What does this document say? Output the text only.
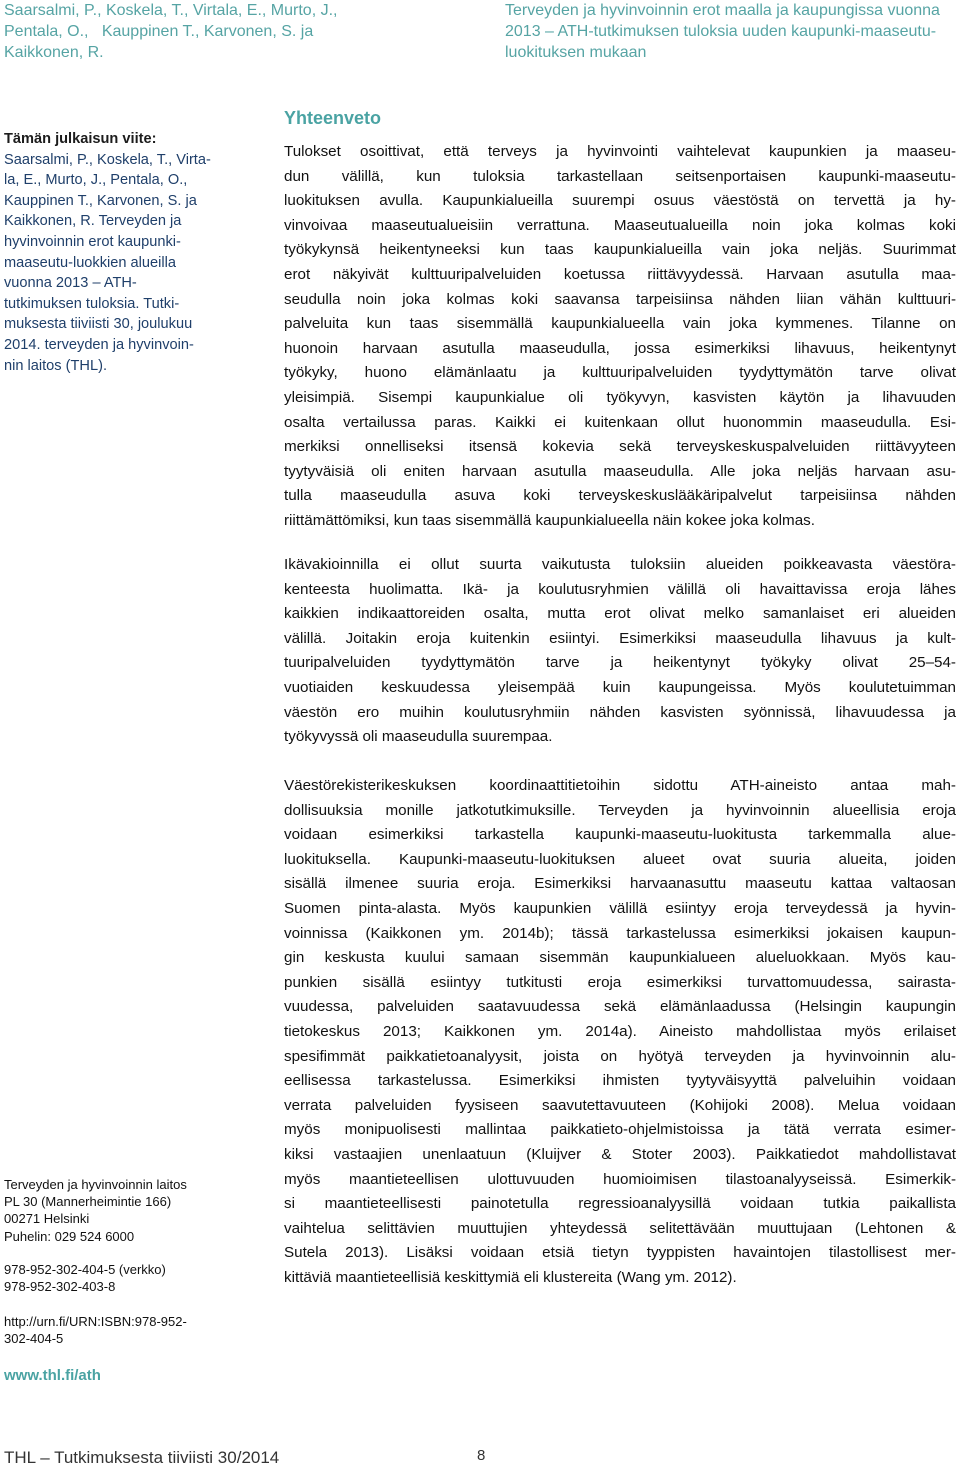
Saarsalmi, P., Koskela, T., Virtala, E., Murto, J.,
Pentala, O.,   Kauppinen T., Karvonen, S. ja
Kaikkonen, R.
Terveyden ja hyvinvoinnin erot maalla ja kaupungissa vuonna
2013 – ATH-tutkimuksen tuloksia uuden kaupunki-maaseutu-
luokituksen mukaan
Tämän julkaisun viite:
Saarsalmi, P., Koskela, T., Virta-
la, E., Murto, J., Pentala, O.,
Kauppinen T., Karvonen, S. ja
Kaikkonen, R. Terveyden ja
hyvinvoinnin erot kaupunki-
maaseutu-luokkien alueilla
vuonna 2013 – ATH-
tutkimuksen tuloksia. Tutki-
muksesta tiiviisti 30, joulukuu
2014. terveyden ja hyvinvoin-
nin laitos (THL).
Terveyden ja hyvinvoinnin laitos
PL 30 (Mannerheimintie 166)
00271 Helsinki
Puhelin: 029 524 6000
978-952-302-404-5 (verkko)
978-952-302-403-8
http://urn.fi/URN:ISBN:978-952-
302-404-5
www.thl.fi/ath
Yhteenveto
Tulokset osoittivat, että terveys ja hyvinvointi vaihtelevat kaupunkien ja maaseu-
dun välillä, kun tuloksia tarkastellaan seitsenportaisen kaupunki-maaseutu-
luokituksen avulla. Kaupunkialueilla suurempi osuus väestöstä on tervettä ja hy-
vinvoivaa maaseutualueisiin verrattuna. Maaseutualueilla noin joka kolmas koki
työkykynsä heikentyneeksi kun taas kaupunkialueilla vain joka neljäs. Suurimmat
erot näkyivät kulttuuripalveluiden koetussa riittävyydessä. Harvaan asutulla maa-
seudulla noin joka kolmas koki saavansa tarpeisiinsa nähden liian vähän kulttuuri-
palveluita kun taas sisemmällä kaupunkialueella vain joka kymmenes. Tilanne on
huonoin harvaan asutulla maaseudulla, jossa esimerkiksi lihavuus, heikentynyt
työkyky, huono elämänlaatu ja kulttuuripalveluiden tyydyttymätön tarve olivat
yleisimpiä. Sisempi kaupunkialue oli työkyvyn, kasvisten käytön ja lihavuuden
osalta vertailussa paras. Kaikki ei kuitenkaan ollut huonommin maaseudulla. Esi-
merkiksi onnelliseksi itsensä kokevia sekä terveyskeskuspalveluiden riittävyyteen
tyytyväisiä oli eniten harvaan asutulla maaseudulla. Alle joka neljäs harvaan asu-
tulla maaseudulla asuva koki terveyskeskuslääkäripalvelut tarpeisiinsa nähden
riittämättömiksi, kun taas sisemmällä kaupunkialueella näin kokee joka kolmas.
Ikävakioinnilla ei ollut suurta vaikutusta tuloksiin alueiden poikkeavasta väestöra-
kenteesta huolimatta. Ikä- ja koulutusryhmien välillä oli havaittavissa eroja lähes
kaikkien indikaattoreiden osalta, mutta erot olivat melko samanlaiset eri alueiden
välillä. Joitakin eroja kuitenkin esiintyi. Esimerkiksi maaseudulla lihavuus ja kult-
tuuripalveluiden tyydyttymätön tarve ja heikentynyt työkyky olivat 25–54-
vuotiaiden keskuudessa yleisempää kuin kaupungeissa. Myös koulutetuimman
väestön ero muihin koulutusryhmiin nähden kasvisten syönnissä, lihavuudessa ja
työkyvyssä oli maaseudulla suurempaa.
Väestörekisterikeskuksen koordinaattitietoihin sidottu ATH-aineisto antaa mah-
dollisuuksia monille jatkotutkimuksille. Terveyden ja hyvinvoinnin alueellisia eroja
voidaan esimerkiksi tarkastella kaupunki-maaseutu-luokitusta tarkemmalla alue-
luokituksella. Kaupunki-maaseutu-luokituksen alueet ovat suuria alueita, joiden
sisällä ilmenee suuria eroja. Esimerkiksi harvaanasuttu maaseutu kattaa valtaosan
Suomen pinta-alasta. Myös kaupunkien välillä esiintyy eroja terveydessä ja hyvin-
voinnissa (Kaikkonen ym. 2014b); tässä tarkastelussa esimerkiksi jokaisen kaupun-
gin keskusta kuului samaan sisemmän kaupunkialueen alueluokkaan. Myös kau-
punkien sisällä esiintyy tutkitusti eroja esimerkiksi turvattomuudessa, sairasta-
vuudessa, palveluiden saatavuudessa sekä elämänlaadussa (Helsingin kaupungin
tietokeskus 2013; Kaikkonen ym. 2014a). Aineisto mahdollistaa myös erilaiset
spesifimmät paikkatietoanalyysit, joista on hyötyä terveyden ja hyvinvoinnin alu-
eellisessa tarkastelussa. Esimerkiksi ihmisten tyytyväisyyttä palveluihin voidaan
verrata palveluiden fyysiseen saavutettavuuteen (Kohijoki 2008). Melua voidaan
myös monipuolisesti mallintaa paikkatieto-ohjelmistoissa ja tätä verrata esimer-
kiksi vastaajien unenlaatuun (Kluijver & Stoter 2003). Paikkatiedot mahdollistavat
myös maantieteellisen ulottuvuuden huomioimisen tilastoanalyyseissä. Esimerkik-
si maantieteellisesti painotetulla regressioanalyysillä voidaan tutkia paikallista
vaihtelua selittävien muuttujien yhteydessä selitettävään muuttujaan (Lehtonen &
Sutela 2013). Lisäksi voidaan etsiä tietyn tyyppisten havaintojen tilastollisest mer-
kittäviä maantieteellisiä keskittymiä eli klustereita (Wang ym. 2012).
THL – Tutkimuksesta tiiviisti 30/2014	8
